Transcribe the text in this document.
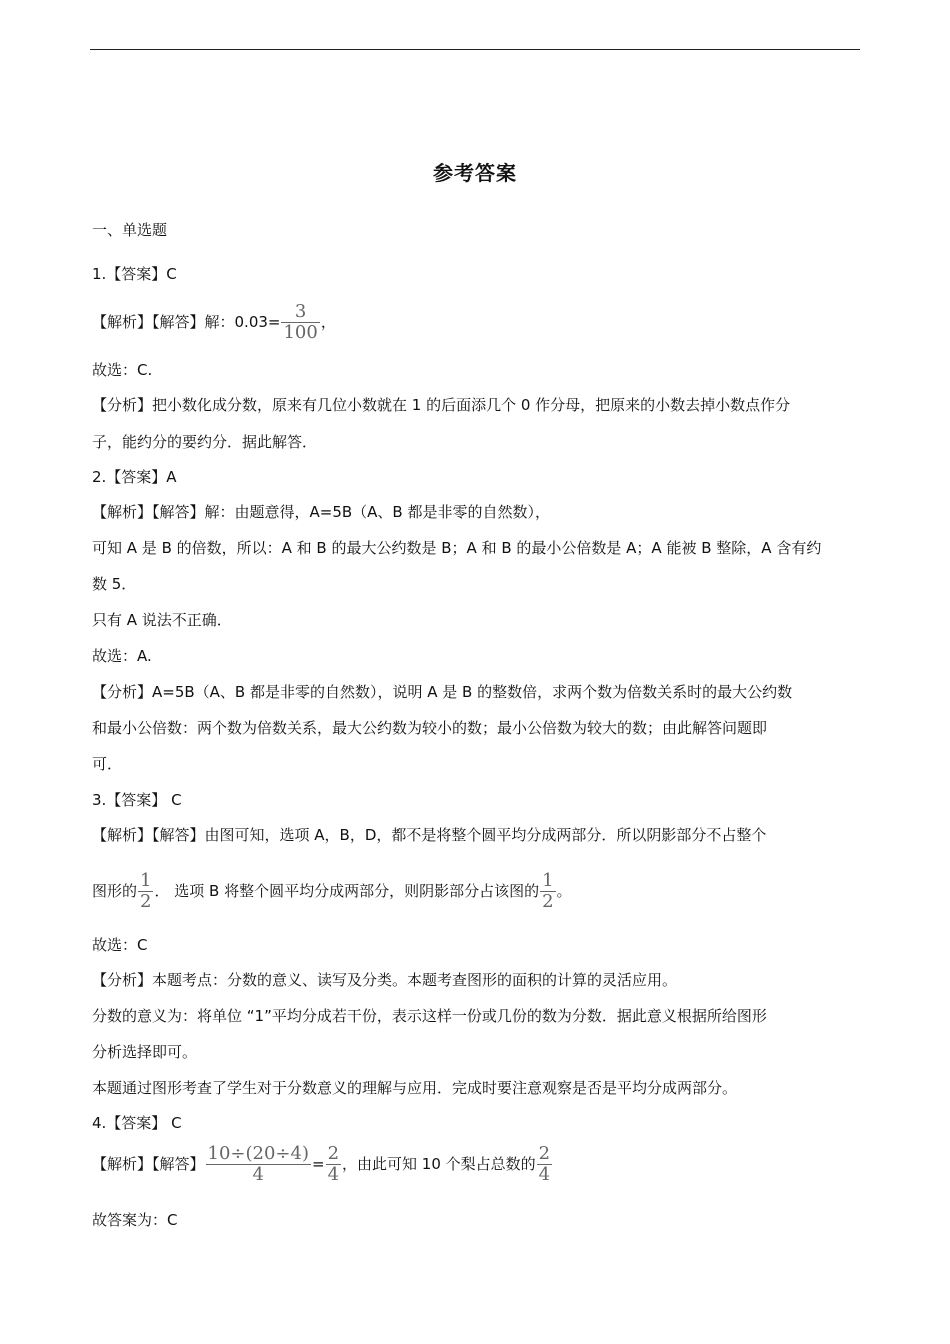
参考答案
一、单选题
1.【答案】C
【解析】【解答】解：$0.03= \frac{3}{100}$ ，
故选：C.
【分析】把小数化成分数，原来有几位小数就在 1 的后面添几个 0 作分母，把原来的小数去掉小数点作分
子，能约分的要约分．据此解答．
2.【答案】A
【解析】【解答】解：由题意得，A=5B（A、B 都是非零的自然数），
可知 A 是 B 的倍数，所以：A 和 B 的最大公约数是 B；A 和 B 的最小公倍数是 A；A 能被 B 整除，A 含有约
数 5．
只有 A 说法不正确．
故选：A.
【分析】A=5B（A、B 都是非零的自然数），说明 A 是 B 的整数倍，求两个数为倍数关系时的最大公约数
和最小公倍数：两个数为倍数关系，最大公约数为较小的数；最小公倍数为较大的数；由此解答问题即
可．
3.【答案】 C
【解析】【解答】由图可知，选项 A，B，D，都不是将整个圆平均分成两部分．所以阴影部分不占整个
图形的 $\frac{1}{2}$ ． 选项 B 将整个圆平均分成两部分，则阴影部分占该图的 $\frac{1}{2}$ 。
故选：C
【分析】本题考点：分数的意义、读写及分类。本题考查图形的面积的计算的灵活应用。
分数的意义为：将单位 “1”平均分成若干份，表示这样一份或几份的数为分数．据此意义根据所给图形
分析选择即可。
本题通过图形考查了学生对于分数意义的理解与应用．完成时要注意观察是否是平均分成两部分。
4.【答案】 C
【解析】【解答】 $\frac{10\div(20\div 4)}{4} = \frac{2}{4}$ ，由此可知 10 个梨占总数的 $\frac{2}{4}$
故答案为：C
